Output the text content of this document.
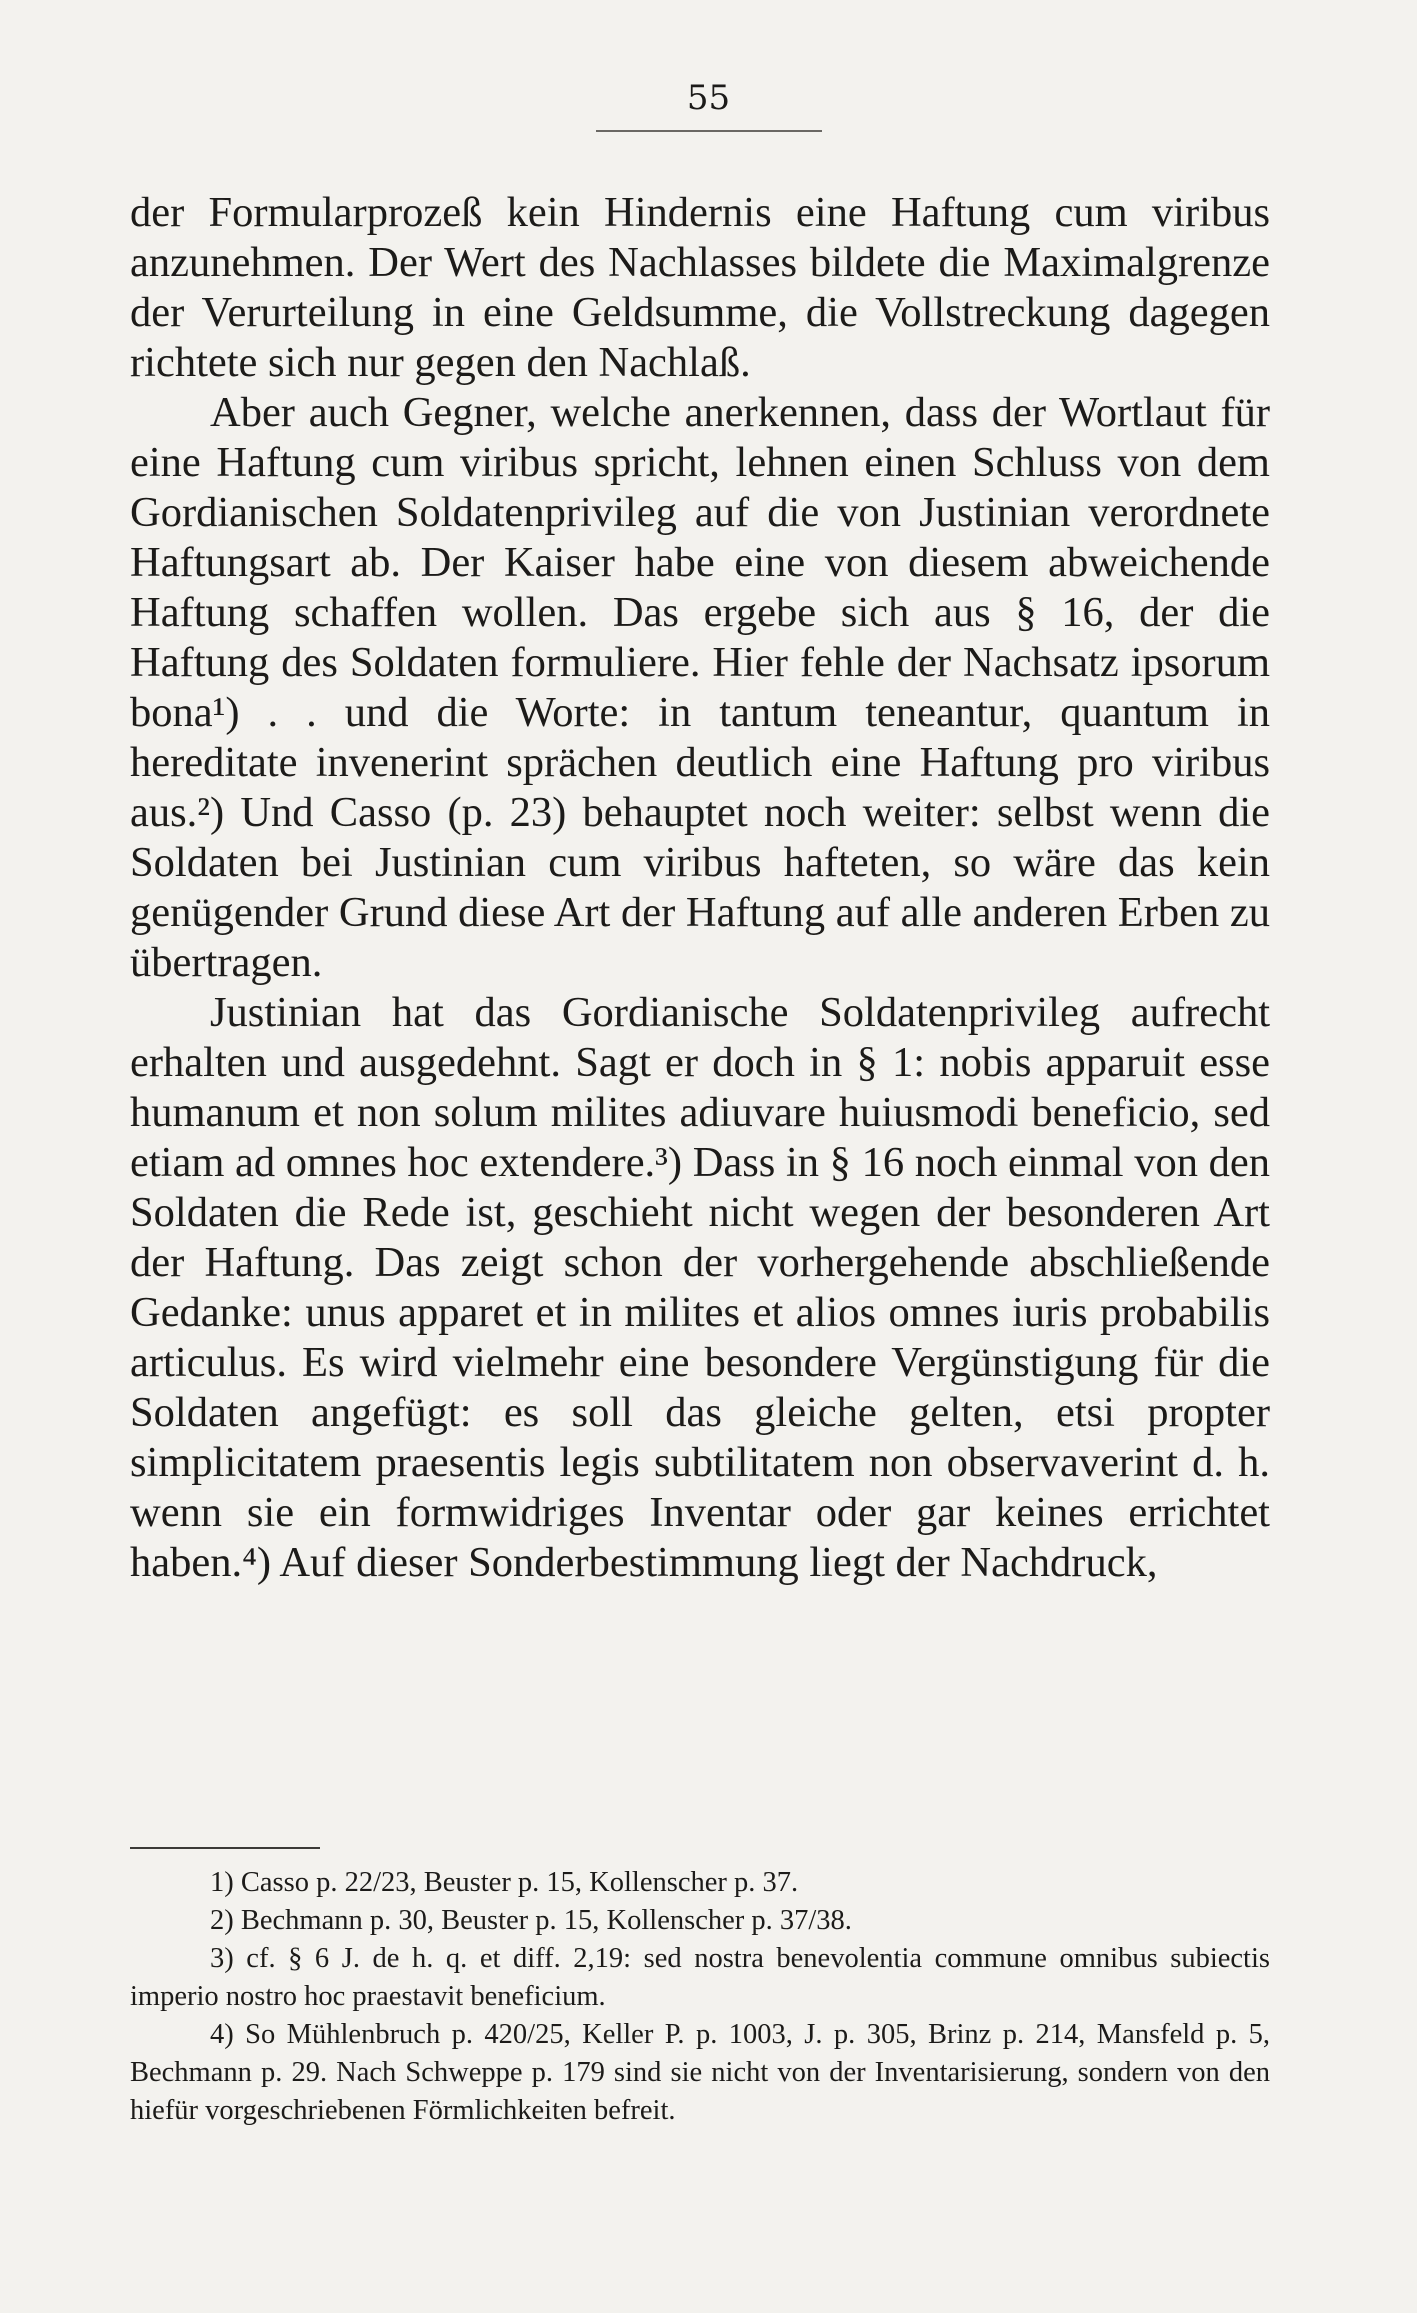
55

der Formularprozeß kein Hindernis eine Haftung cum viribus anzunehmen. Der Wert des Nachlasses bildete die Maximalgrenze der Verurteilung in eine Geldsumme, die Vollstreckung dagegen richtete sich nur gegen den Nachlaß.

Aber auch Gegner, welche anerkennen, dass der Wortlaut für eine Haftung cum viribus spricht, lehnen einen Schluss von dem Gordianischen Soldatenprivileg auf die von Justinian verordnete Haftungsart ab. Der Kaiser habe eine von diesem abweichende Haftung schaffen wollen. Das ergebe sich aus § 16, der die Haftung des Soldaten formuliere. Hier fehle der Nachsatz ipsorum bona¹) . . und die Worte: in tantum teneantur, quantum in hereditate invenerint sprächen deutlich eine Haftung pro viribus aus.²) Und Casso (p. 23) behauptet noch weiter: selbst wenn die Soldaten bei Justinian cum viribus hafteten, so wäre das kein genügender Grund diese Art der Haftung auf alle anderen Erben zu übertragen.

Justinian hat das Gordianische Soldatenprivileg aufrecht erhalten und ausgedehnt. Sagt er doch in § 1: nobis apparuit esse humanum et non solum milites adiuvare huiusmodi beneficio, sed etiam ad omnes hoc extendere.³) Dass in § 16 noch einmal von den Soldaten die Rede ist, geschieht nicht wegen der besonderen Art der Haftung. Das zeigt schon der vorhergehende abschließende Gedanke: unus apparet et in milites et alios omnes iuris probabilis articulus. Es wird vielmehr eine besondere Vergünstigung für die Soldaten angefügt: es soll das gleiche gelten, etsi propter simplicitatem praesentis legis subtilitatem non observaverint d. h. wenn sie ein formwidriges Inventar oder gar keines errichtet haben.⁴) Auf dieser Sonderbestimmung liegt der Nachdruck,

1) Casso p. 22/23, Beuster p. 15, Kollenscher p. 37.

2) Bechmann p. 30, Beuster p. 15, Kollenscher p. 37/38.

3) cf. § 6 J. de h. q. et diff. 2,19: sed nostra benevolentia commune omnibus subiectis imperio nostro hoc praestavit beneficium.

4) So Mühlenbruch p. 420/25, Keller P. p. 1003, J. p. 305, Brinz p. 214, Mansfeld p. 5, Bechmann p. 29. Nach Schweppe p. 179 sind sie nicht von der Inventarisierung, sondern von den hiefür vorgeschriebenen Förmlichkeiten befreit.
